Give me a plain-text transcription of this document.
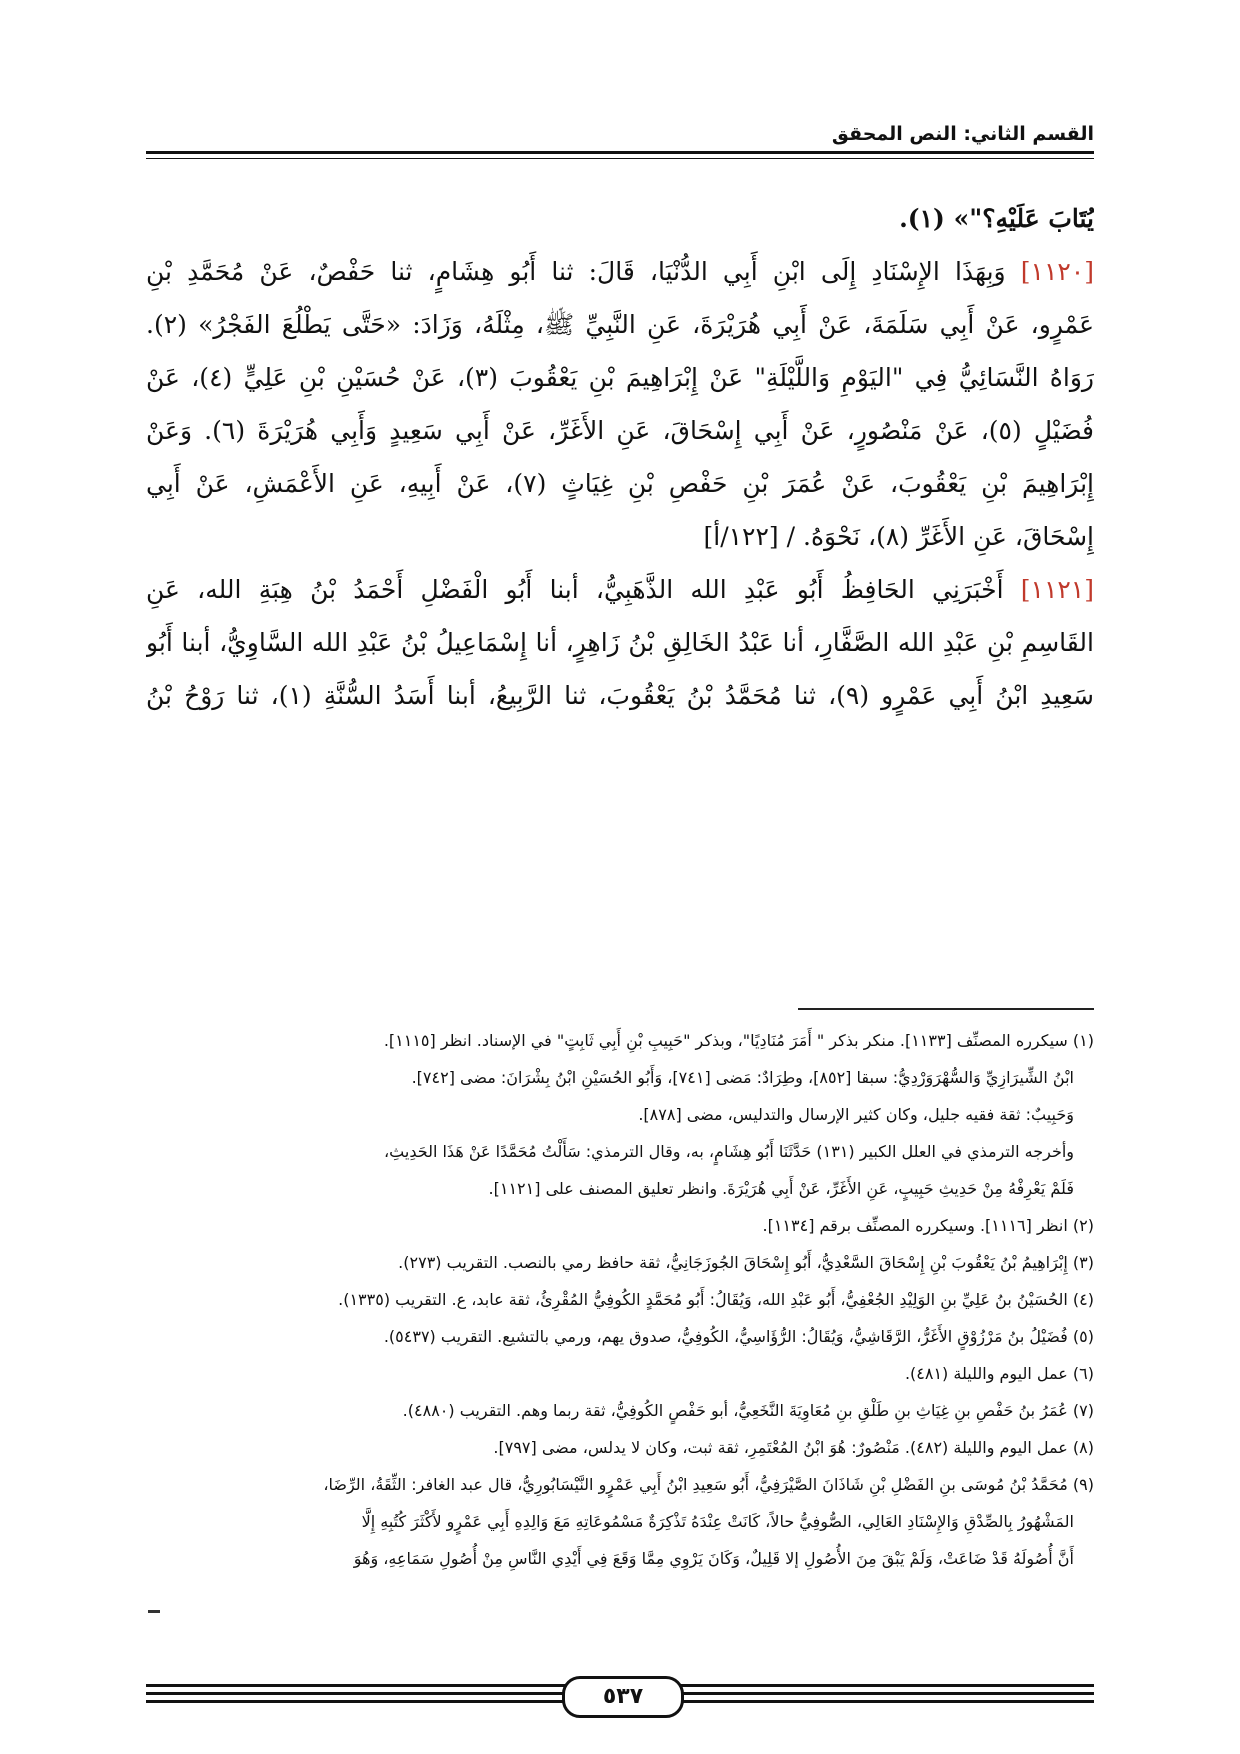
القسم الثاني: النص المحقق
يُتَابَ عَلَيْهِ؟"» (١).
[١١٢٠] وَبِهَذَا الإِسْنَادِ إِلَى ابْنِ أَبِي الدُّنْيَا، قَالَ: ثنا أَبُو هِشَامٍ، ثنا حَفْصٌ، عَنْ مُحَمَّدِ بْنِ
عَمْرٍو، عَنْ أَبِي سَلَمَةَ، عَنْ أَبِي هُرَيْرَةَ، عَنِ النَّبِيِّ ﷺ، مِثْلَهُ، وَزَادَ: «حَتَّى يَطْلُعَ الفَجْرُ» (٢).
رَوَاهُ النَّسَائِيُّ فِي "اليَوْمِ وَاللَّيْلَةِ" عَنْ إِبْرَاهِيمَ بْنِ يَعْقُوبَ (٣)، عَنْ حُسَيْنِ بْنِ عَلِيٍّ (٤)، عَنْ
فُضَيْلٍ (٥)، عَنْ مَنْصُورٍ، عَنْ أَبِي إِسْحَاقَ، عَنِ الأَغَرِّ، عَنْ أَبِي سَعِيدٍ وَأَبِي هُرَيْرَةَ (٦). وَعَنْ
إِبْرَاهِيمَ بْنِ يَعْقُوبَ، عَنْ عُمَرَ بْنِ حَفْصِ بْنِ غِيَاثٍ (٧)، عَنْ أَبِيهِ، عَنِ الأَعْمَشِ، عَنْ أَبِي
إِسْحَاقَ، عَنِ الأَغَرِّ (٨)، نَحْوَهُ. / [١٢٢/أ]
[١١٢١] أَخْبَرَنِي الحَافِظُ أَبُو عَبْدِ الله الذَّهَبِيُّ، أبنا أَبُو الْفَضْلِ أَحْمَدُ بْنُ هِبَةِ الله، عَنِ
القَاسِمِ بْنِ عَبْدِ الله الصَّفَّارِ، أنا عَبْدُ الخَالِقِ بْنُ زَاهِرٍ، أنا إِسْمَاعِيلُ بْنُ عَبْدِ الله السَّاوِيُّ، أبنا أَبُو
سَعِيدِ ابْنُ أَبِي عَمْرٍو (٩)، ثنا مُحَمَّدُ بْنُ يَعْقُوبَ، ثنا الرَّبِيعُ، أبنا أَسَدُ السُّنَّةِ (١)، ثنا رَوْحُ بْنُ
(١) سيكرره المصنِّف [١١٣٣]. منكر بذكر " أَمَرَ مُنَادِيًا"، وبذكر "حَبِيبِ بْنِ أَبِي ثَابِتٍ" في الإسناد. انظر [١١١٥].
ابْنُ الشِّيرَازِيِّ وَالسُّهْرَوَرْدِيُّ: سبقا [٨٥٢]، وطِرَادٌ: مَضى [٧٤١]، وَأَبُو الحُسَيْنِ ابْنُ بِشْرَانَ: مضى [٧٤٢].
وَحَبِيبٌ: ثقة فقيه جليل، وكان كثير الإرسال والتدليس، مضى [٨٧٨].
وأخرجه الترمذي في العلل الكبير (١٣١) حَدَّثَنَا أَبُو هِشَامٍ، به، وقال الترمذي: سَأَلْتُ مُحَمَّدًا عَنْ هَذَا الحَدِيثِ،
فَلَمْ يَعْرِفْهُ مِنْ حَدِيثِ حَبِيبٍ، عَنِ الأَغَرِّ، عَنْ أَبِي هُرَيْرَةَ. وانظر تعليق المصنف على [١١٢١].
(٢) انظر [١١١٦]. وسيكرره المصنِّف برقم [١١٣٤].
(٣) إِبْرَاهِيمُ بْنُ يَعْقُوبَ بْنِ إِسْحَاقَ السَّعْدِيُّ، أَبُو إِسْحَاقَ الجُوزَجَانِيُّ، ثقة حافظ رمي بالنصب. التقريب (٢٧٣).
(٤) الحُسَيْنُ بنُ عَلِيِّ بنِ الوَلِيْدِ الجُعْفِيُّ، أَبُو عَبْدِ الله، وَيُقَالُ: أَبُو مُحَمَّدٍ الكُوفِيُّ المُقْرِئُ، ثقة عابد، ع. التقريب (١٣٣٥).
(٥) فُضَيْلُ بنُ مَرْزُوْقٍ الأَغَرُّ، الرَّقَاشِيُّ، وَيُقَالُ: الرُّؤَاسِيُّ، الكُوفِيُّ، صدوق يهم، ورمي بالتشيع. التقريب (٥٤٣٧).
(٦) عمل اليوم والليلة (٤٨١).
(٧) عُمَرُ بنُ حَفْصِ بنِ غِيَاثِ بنِ طَلْقِ بنِ مُعَاوِيَةَ النَّخَعِيُّ، أبو حَفْصٍ الكُوفِيُّ، ثقة ربما وهم. التقريب (٤٨٨٠).
(٨) عمل اليوم والليلة (٤٨٢). مَنْصُورٌ: هُوَ ابْنُ المُعْتَمِرِ، ثقة ثبت، وكان لا يدلس، مضى [٧٩٧].
(٩) مُحَمَّدُ بْنُ مُوسَى بنِ الفَضْلِ بْنِ شَاذَانَ الصَّيْرَفِيُّ، أَبُو سَعِيدِ ابْنُ أَبِي عَمْرٍو النَّيْسَابُورِيُّ، قال عبد الغافر: الثِّقَةُ، الرِّضَا،
المَشْهُورُ بِالصِّدْقِ وَالإِسْنَادِ العَالِي، الصُّوفِيُّ حالاً، كَانَتْ عِنْدَهُ تَذْكِرَةٌ مَسْمُوعَاتِهِ مَعَ وَالِدِهِ أَبِي عَمْرٍو لأَكْثَرَ كُتُبِهِ إِلَّا
أَنَّ أُصُولَهُ قَدْ ضَاعَتْ، وَلَمْ يَبْقَ مِنَ الأُصُولِ إلا قَلِيلٌ، وَكَانَ يَرْوِي مِمَّا وَقَعَ فِي أَيْدِي النَّاسِ مِنْ أُصُولِ سَمَاعِهِ، وَهُوَ
٥٣٧
